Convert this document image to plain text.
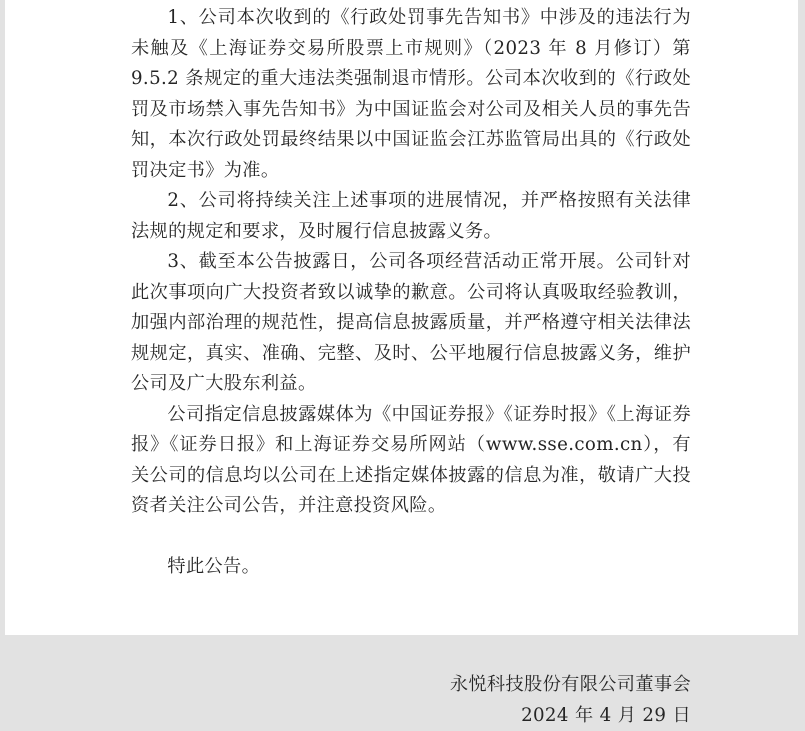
1、公司本次收到的《行政处罚事先告知书》中涉及的违法行为未触及《上海证券交易所股票上市规则》（2023 年 8 月修订）第 9.5.2 条规定的重大违法类强制退市情形。公司本次收到的《行政处罚及市场禁入事先告知书》为中国证监会对公司及相关人员的事先告知，本次行政处罚最终结果以中国证监会江苏监管局出具的《行政处罚决定书》为准。

2、公司将持续关注上述事项的进展情况，并严格按照有关法律法规的规定和要求，及时履行信息披露义务。

3、截至本公告披露日，公司各项经营活动正常开展。公司针对此次事项向广大投资者致以诚挚的歉意。公司将认真吸取经验教训，加强内部治理的规范性，提高信息披露质量，并严格遵守相关法律法规规定，真实、准确、完整、及时、公平地履行信息披露义务，维护公司及广大股东利益。

公司指定信息披露媒体为《中国证券报》《证券时报》《上海证券报》《证券日报》和上海证券交易所网站（www.sse.com.cn），有关公司的信息均以公司在上述指定媒体披露的信息为准，敬请广大投资者关注公司公告，并注意投资风险。

特此公告。

永悦科技股份有限公司董事会

2024 年 4 月 29 日
